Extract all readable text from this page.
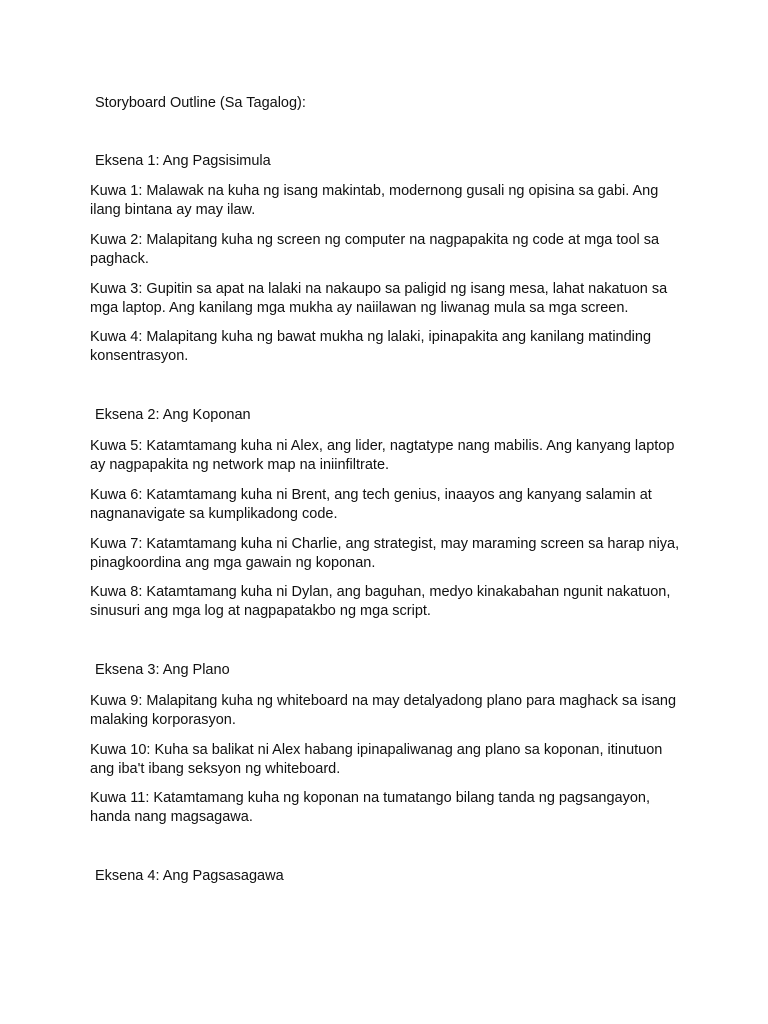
Storyboard Outline (Sa Tagalog):
Eksena 1: Ang Pagsisimula

Kuwa 1: Malawak na kuha ng isang makintab, modernong gusali ng opisina sa gabi. Ang ilang bintana ay may ilaw.

Kuwa 2: Malapitang kuha ng screen ng computer na nagpapakita ng code at mga tool sa paghack.

Kuwa 3: Gupitin sa apat na lalaki na nakaupo sa paligid ng isang mesa, lahat nakatuon sa mga laptop. Ang kanilang mga mukha ay naiilawan ng liwanag mula sa mga screen.

Kuwa 4: Malapitang kuha ng bawat mukha ng lalaki, ipinapakita ang kanilang matinding konsentrasyon.

Eksena 2: Ang Koponan

Kuwa 5: Katamtamang kuha ni Alex, ang lider, nagtatype nang mabilis. Ang kanyang laptop ay nagpapakita ng network map na iniinfiltrate.

Kuwa 6: Katamtamang kuha ni Brent, ang tech genius, inaayos ang kanyang salamin at nagnanavigate sa kumplikadong code.

Kuwa 7: Katamtamang kuha ni Charlie, ang strategist, may maraming screen sa harap niya, pinagkoordina ang mga gawain ng koponan.

Kuwa 8: Katamtamang kuha ni Dylan, ang baguhan, medyo kinakabahan ngunit nakatuon, sinusuri ang mga log at nagpapatakbo ng mga script.

Eksena 3: Ang Plano

Kuwa 9: Malapitang kuha ng whiteboard na may detalyadong plano para maghack sa isang malaking korporasyon.

Kuwa 10: Kuha sa balikat ni Alex habang ipinapaliwanag ang plano sa koponan, itinutuon ang iba't ibang seksyon ng whiteboard.

Kuwa 11: Katamtamang kuha ng koponan na tumatango bilang tanda ng pagsangayon, handa nang magsagawa.

Eksena 4: Ang Pagsasagawa
